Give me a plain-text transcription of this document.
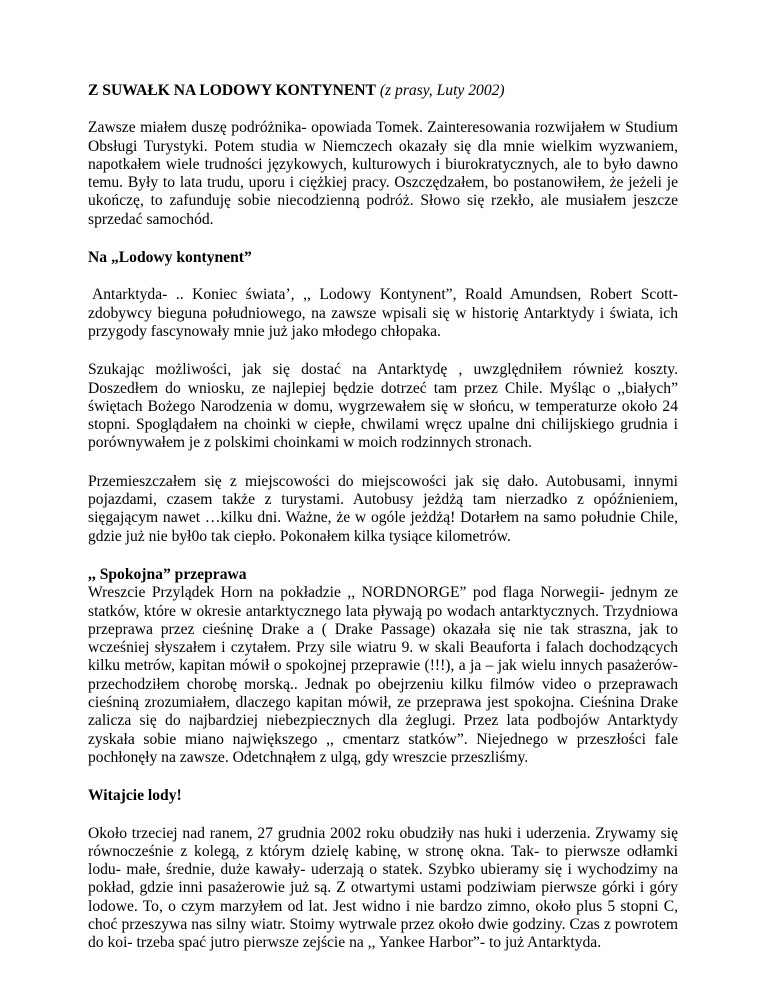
Z SUWAŁK NA LODOWY KONTYNENT (z prasy, Luty 2002)

Zawsze miałem duszę podróżnika- opowiada Tomek. Zainteresowania rozwijałem w Studium Obsługi Turystyki. Potem studia w Niemczech okazały się dla mnie wielkim wyzwaniem, napotkałem wiele trudności językowych, kulturowych i biurokratycznych, ale to było dawno temu. Były to lata trudu, uporu i ciężkiej pracy. Oszczędzałem, bo postanowiłem, że jeżeli je ukończę, to zafunduję sobie niecodzienną podróż. Słowo się rzekło, ale musiałem jeszcze sprzedać samochód.

Na „Lodowy kontynent”

Antarktyda- .. Koniec świata’, ,, Lodowy Kontynent”, Roald Amundsen, Robert Scott- zdobywcy bieguna południowego, na zawsze wpisali się w historię Antarktydy i świata, ich przygody fascynowały mnie już jako młodego chłopaka.

Szukając możliwości, jak się dostać na Antarktydę , uwzględniłem również koszty. Doszedłem do wniosku, ze najlepiej będzie dotrzeć tam przez Chile. Myśląc o ,,białych” świętach Bożego Narodzenia w domu, wygrzewałem się w słońcu, w temperaturze około 24 stopni. Spoglądałem na choinki w ciepłe, chwilami wręcz upalne dni chilijskiego grudnia i porównywałem je z polskimi choinkami w moich rodzinnych stronach.

Przemieszczałem się z miejscowości do miejscowości jak się dało. Autobusami, innymi pojazdami, czasem także z turystami. Autobusy jeżdżą tam nierzadko z opóźnieniem, sięgającym nawet …kilku dni. Ważne, że w ogóle jeżdżą! Dotarłem na samo południe Chile, gdzie już nie był0o tak ciepło. Pokonałem kilka tysiące kilometrów.

,, Spokojna” przeprawa
Wreszcie Przylądek Horn na pokładzie ,, NORDNORGE” pod flaga Norwegii- jednym ze statków, które w okresie antarktycznego lata pływają po wodach antarktycznych. Trzydniowa przeprawa przez cieśninę Drake a ( Drake Passage) okazała się nie tak straszna, jak to wcześniej słyszałem i czytałem. Przy sile wiatru 9. w skali Beauforta i falach dochodzących kilku metrów, kapitan mówił o spokojnej przeprawie (!!!), a ja – jak wielu innych pasażerów- przechodziłem chorobę morską.. Jednak po obejrzeniu kilku filmów video o przeprawach cieśniną zrozumiałem, dlaczego kapitan mówił, ze przeprawa jest spokojna. Cieśnina Drake zalicza się do najbardziej niebezpiecznych dla żeglugi. Przez lata podbojów Antarktydy zyskała sobie miano największego ,, cmentarz statków”. Niejednego w przeszłości fale pochłonęły na zawsze. Odetchnąłem z ulgą, gdy wreszcie przeszliśmy.

Witajcie lody!

Około trzeciej nad ranem, 27 grudnia 2002 roku obudziły nas huki i uderzenia. Zrywamy się równocześnie z kolegą, z którym dzielę kabinę, w stronę okna. Tak- to pierwsze odłamki lodu- małe, średnie, duże kawały- uderzają o statek. Szybko ubieramy się i wychodzimy na pokład, gdzie inni pasażerowie już są. Z otwartymi ustami podziwiam pierwsze górki i góry lodowe. To, o czym marzyłem od lat. Jest widno i nie bardzo zimno, około plus 5 stopni C, choć przeszywa nas silny wiatr. Stoimy wytrwale przez około dwie godziny. Czas z powrotem do koi- trzeba spać jutro pierwsze zejście na ,, Yankee Harbor”- to już Antarktyda.
